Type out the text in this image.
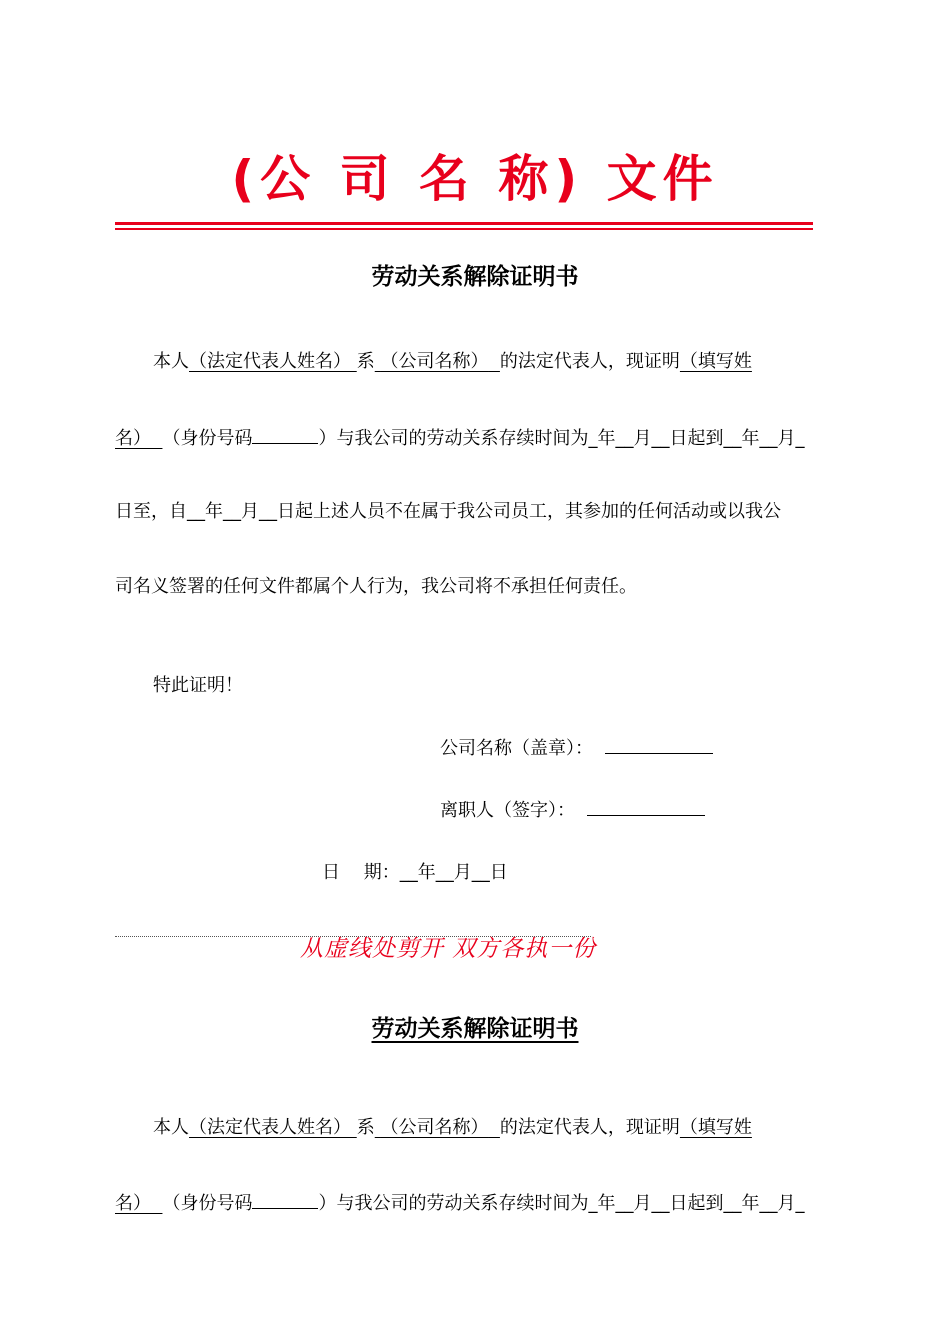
(公 司 名 称) 文件
劳动关系解除证明书
本人（法定代表人姓名） 系 （公司名称） 的法定代表人，现证明（填写姓
名） （身份号码	）与我公司的劳动关系存续时间为_年__月__日起到__年__月_
日至，自__年__月__日起上述人员不在属于我公司员工，其参加的任何活动或以我公
司名义签署的任何文件都属个人行为，我公司将不承担任何责任。
特此证明！
公司名称（盖章）：
离职人（签字）：
日　 期：__年__月__日
从虚线处剪开 双方各执一份
劳动关系解除证明书
本人（法定代表人姓名） 系 （公司名称） 的法定代表人，现证明（填写姓
名） （身份号码	）与我公司的劳动关系存续时间为_年__月__日起到__年__月_
